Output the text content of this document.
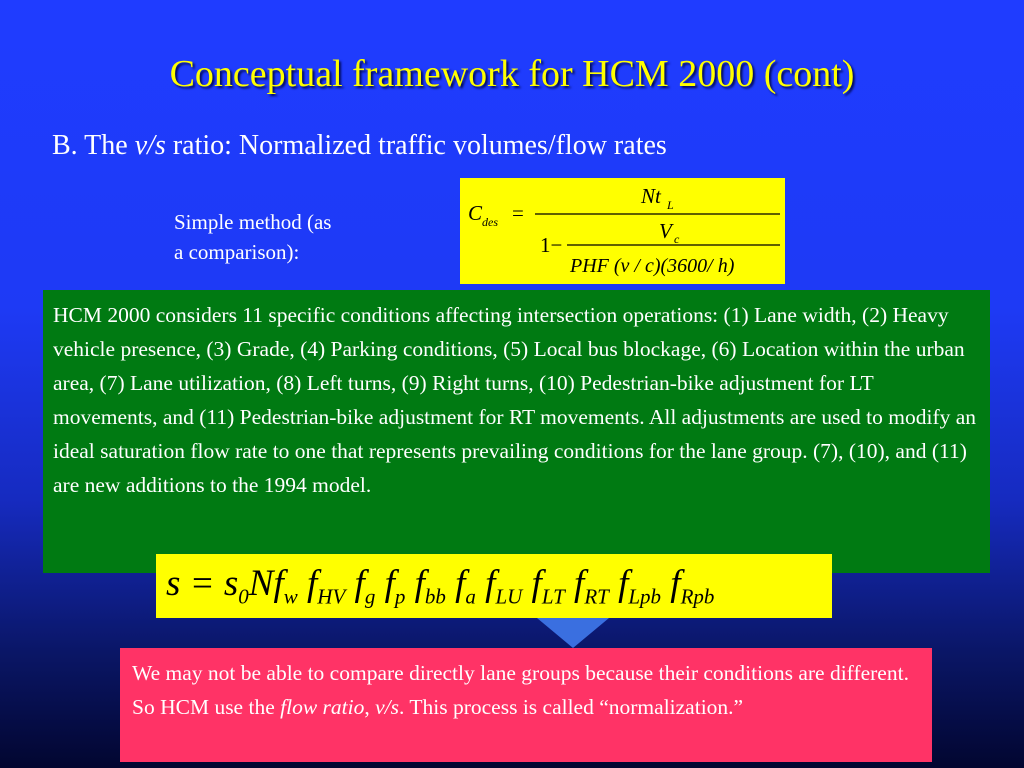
Conceptual framework for HCM 2000 (cont)
B. The v/s ratio: Normalized traffic volumes/flow rates
Simple method (as
a comparison):
C des =
Nt L
1−
V c
PHF (v / c)(3600/ h)
HCM 2000 considers 11 specific conditions affecting intersection operations: (1) Lane width, (2) Heavy vehicle presence, (3) Grade, (4) Parking conditions, (5) Local bus blockage, (6) Location within the urban area, (7) Lane utilization, (8) Left turns, (9) Right turns, (10) Pedestrian-bike adjustment for LT movements, and (11) Pedestrian-bike adjustment for RT movements. All adjustments are used to modify an ideal saturation flow rate to one that represents prevailing conditions for the lane group. (7), (10), and (11) are new additions to the 1994 model.
$s = s_0Nf_w$ $f_{HV}$ $f_g$ $f_p$ $f_{bb}$ $f_a$ $f_{LU}$ $f_{LT}$ $f_{RT}$ $f_{Lpb}$ $f_{Rpb}$
We may not be able to compare directly lane groups because their conditions are different. So HCM use the flow ratio, v/s. This process is called “normalization.”
